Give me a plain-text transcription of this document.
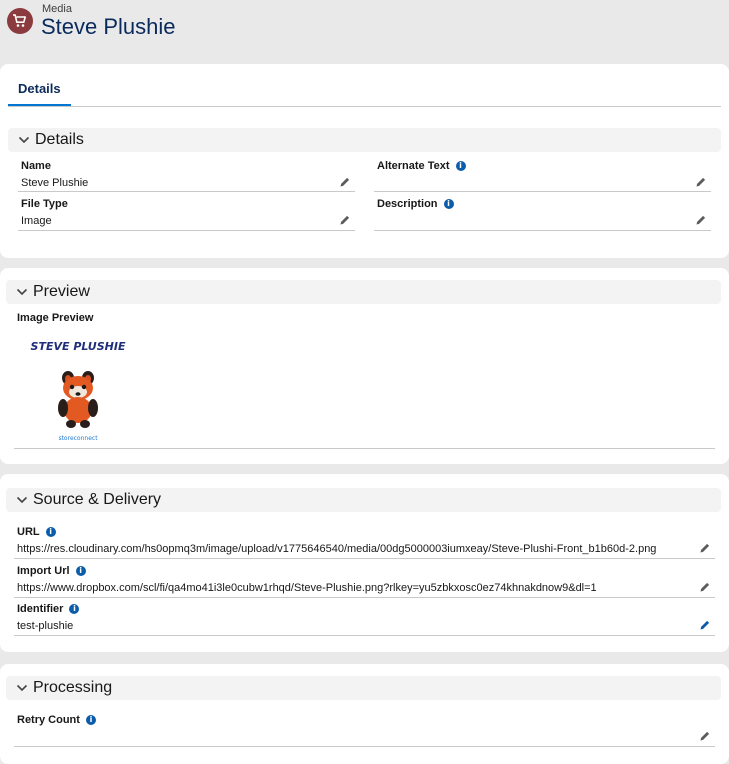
Media
Steve Plushie
Details
Details
Name
Steve Plushie
Alternate Text i
File Type
Image
Description i
Preview
Image Preview
STEVE PLUSHIE
storeconnect
Source & Delivery
URL i
https://res.cloudinary.com/hs0opmq3m/image/upload/v1775646540/media/00dg5000003iumxeay/Steve-Plushi-Front_b1b60d-2.png
Import Url i
https://www.dropbox.com/scl/fi/qa4mo41i3le0cubw1rhqd/Steve-Plushie.png?rlkey=yu5zbkxosc0ez74khnakdnow9&dl=1
Identifier i
test-plushie
Processing
Retry Count i
